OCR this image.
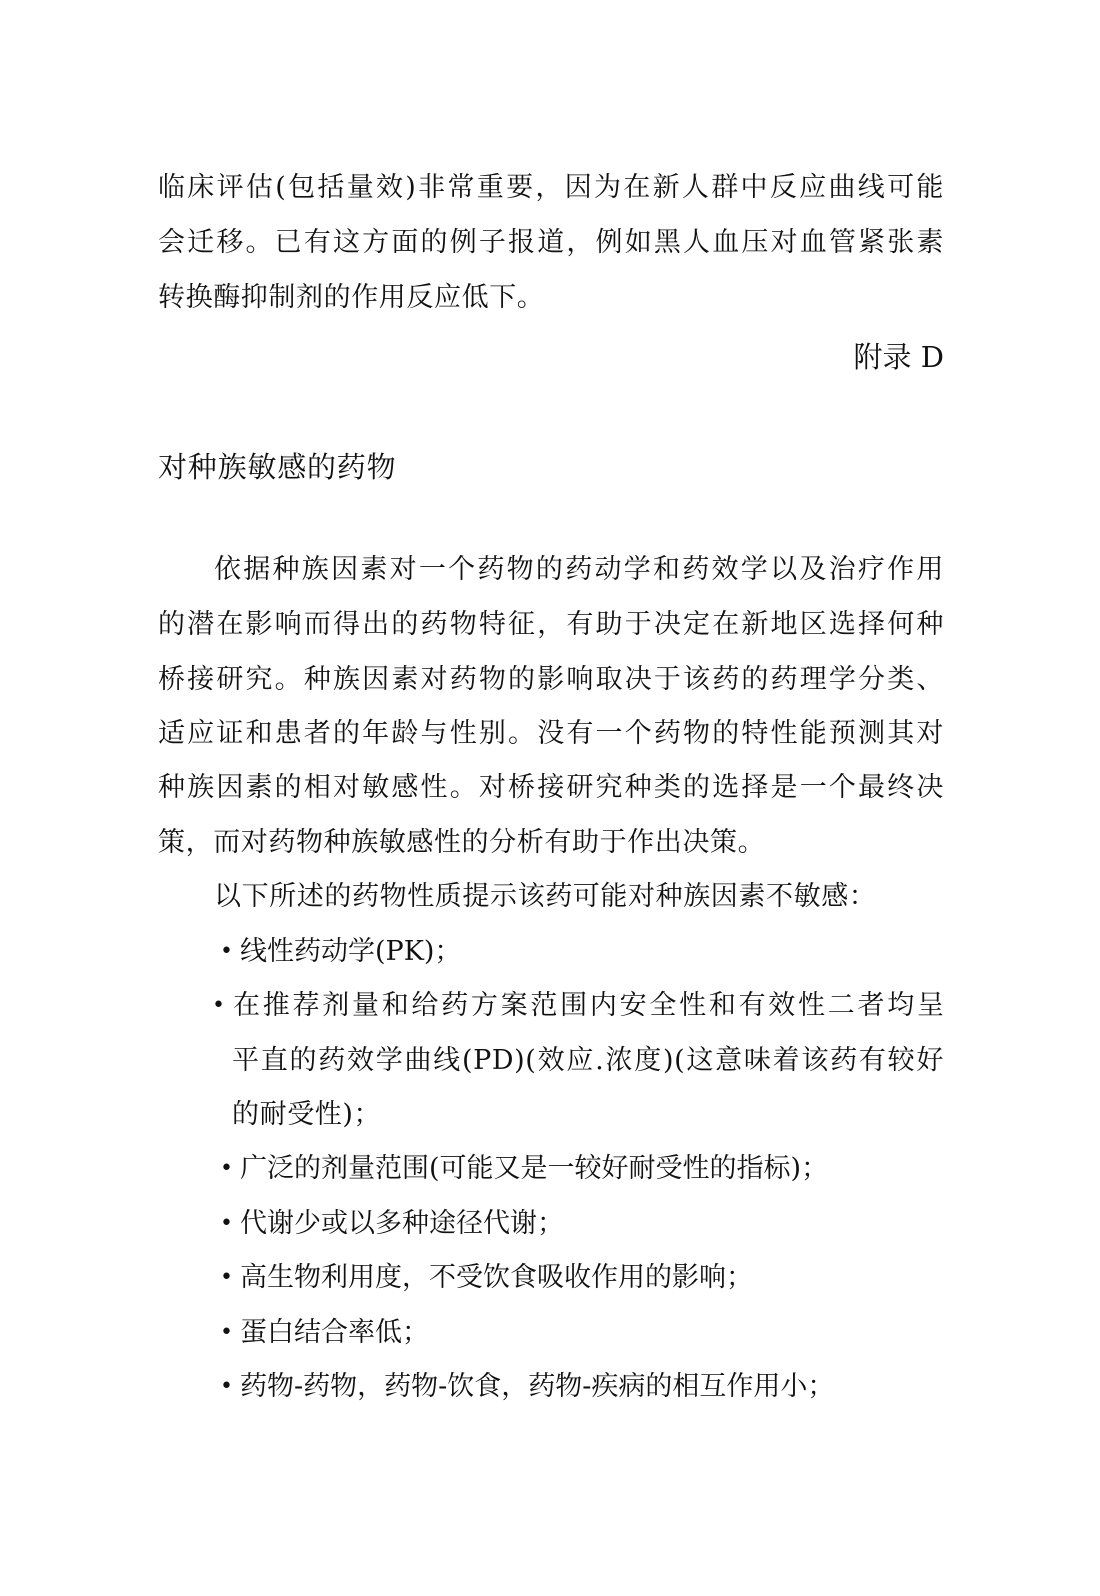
临床评估(包括量效)非常重要，因为在新人群中反应曲线可能
会迁移。已有这方面的例子报道，例如黑人血压对血管紧张素
转换酶抑制剂的作用反应低下。
附录 D
对种族敏感的药物
依据种族因素对一个药物的药动学和药效学以及治疗作用
的潜在影响而得出的药物特征，有助于决定在新地区选择何种
桥接研究。种族因素对药物的影响取决于该药的药理学分类、
适应证和患者的年龄与性别。没有一个药物的特性能预测其对
种族因素的相对敏感性。对桥接研究种类的选择是一个最终决
策，而对药物种族敏感性的分析有助于作出决策。
以下所述的药物性质提示该药可能对种族因素不敏感：
• 线性药动学(PK)；
• 在推荐剂量和给药方案范围内安全性和有效性二者均呈
平直的药效学曲线(PD)(效应.浓度)(这意味着该药有较好
的耐受性)；
• 广泛的剂量范围(可能又是一较好耐受性的指标)；
• 代谢少或以多种途径代谢；
• 高生物利用度，不受饮食吸收作用的影响；
• 蛋白结合率低；
• 药物-药物，药物-饮食，药物-疾病的相互作用小；
